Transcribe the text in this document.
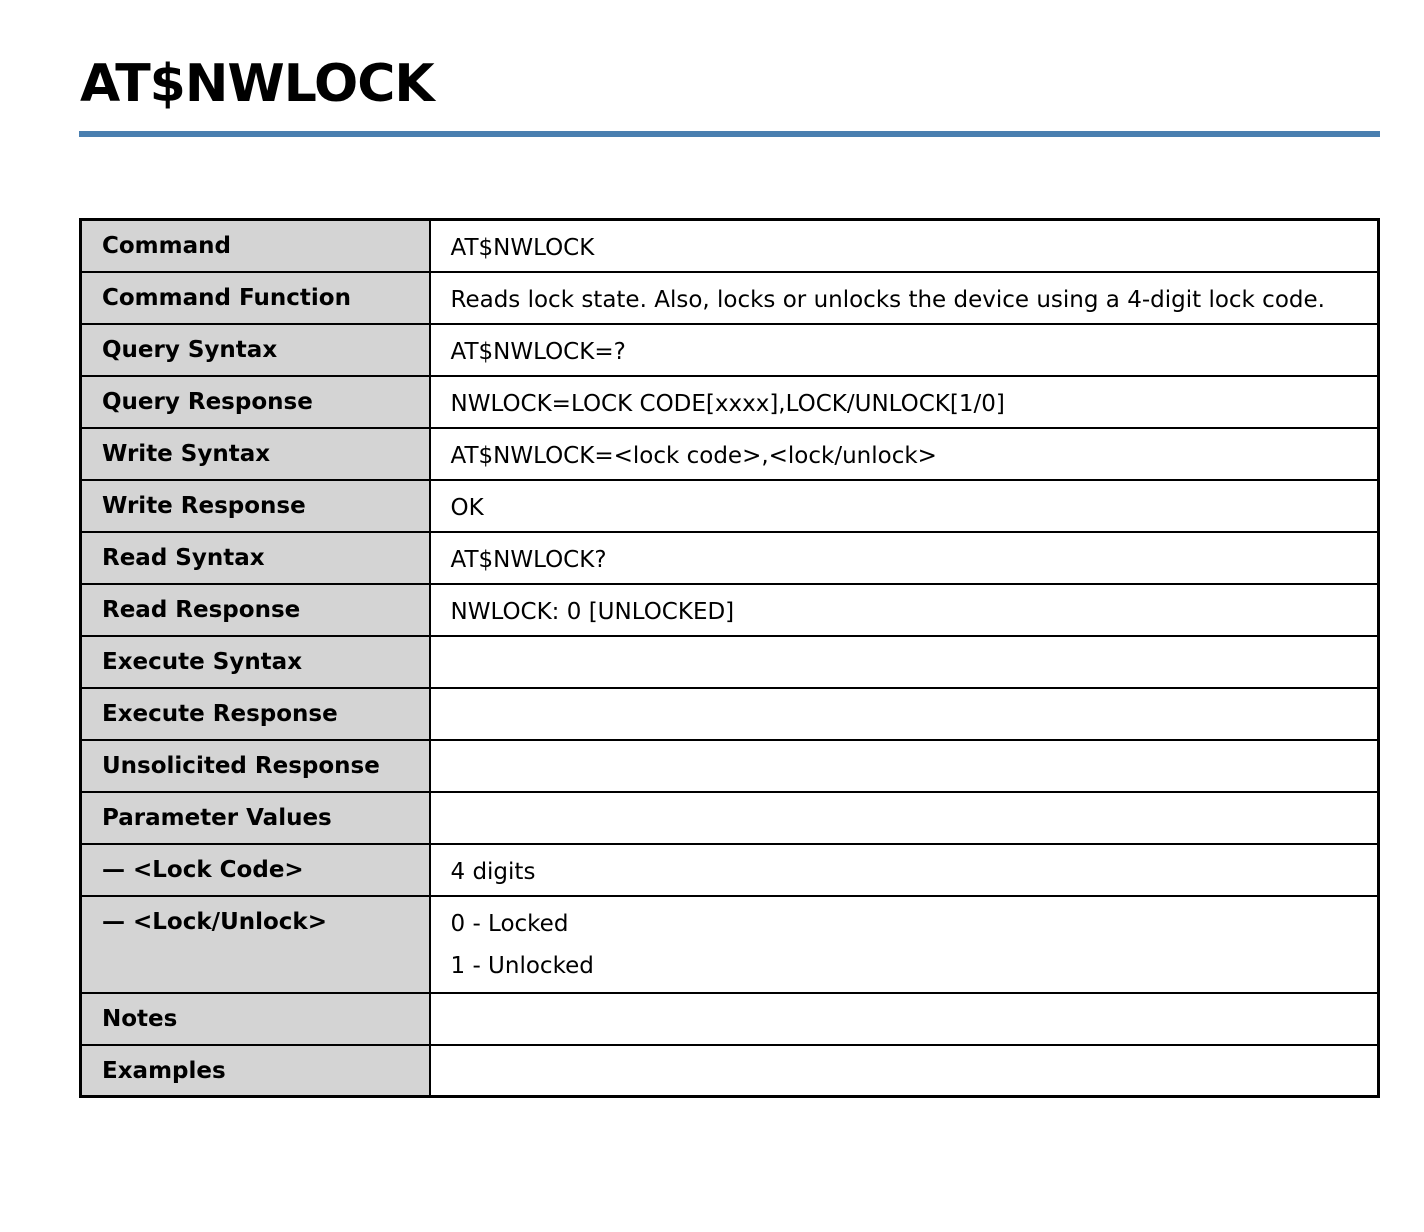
AT$NWLOCK
Command	AT$NWLOCK
Command Function	Reads lock state. Also, locks or unlocks the device using a 4-digit lock code.
Query Syntax	AT$NWLOCK=?
Query Response	NWLOCK=LOCK CODE[xxxx],LOCK/UNLOCK[1/0]
Write Syntax	AT$NWLOCK=<lock code>,<lock/unlock>
Write Response	OK
Read Syntax	AT$NWLOCK?
Read Response	NWLOCK: 0 [UNLOCKED]
Execute Syntax	
Execute Response	
Unsolicited Response	
Parameter Values	
— <Lock Code>	4 digits
— <Lock/Unlock>	0 - Locked
1 - Unlocked

Notes	
Examples	
